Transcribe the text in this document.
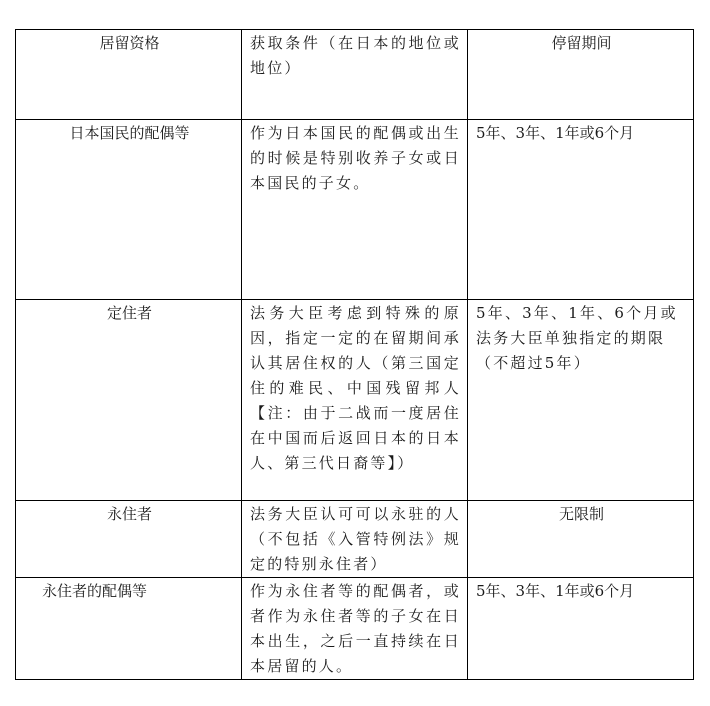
居留资格	获取条件（在日本的地位或地位）	停留期间
日本国民的配偶等	作为日本国民的配偶或出生的时候是特别收养子女或日本国民的子女。	5年、3年、1年或6个月
定住者	法务大臣考虑到特殊的原因，指定一定的在留期间承认其居住权的人（第三国定住的难民、中国残留邦人【注：由于二战而一度居住在中国而后返回日本的日本人、第三代日裔等】）	5年、3年、1年、6个月或法务大臣单独指定的期限（不超过5年）
永住者	法务大臣认可可以永驻的人（不包括《入管特例法》规定的特别永住者）	无限制
永住者的配偶等	作为永住者等的配偶者，或者作为永住者等的子女在日本出生，之后一直持续在日本居留的人。	5年、3年、1年或6个月
